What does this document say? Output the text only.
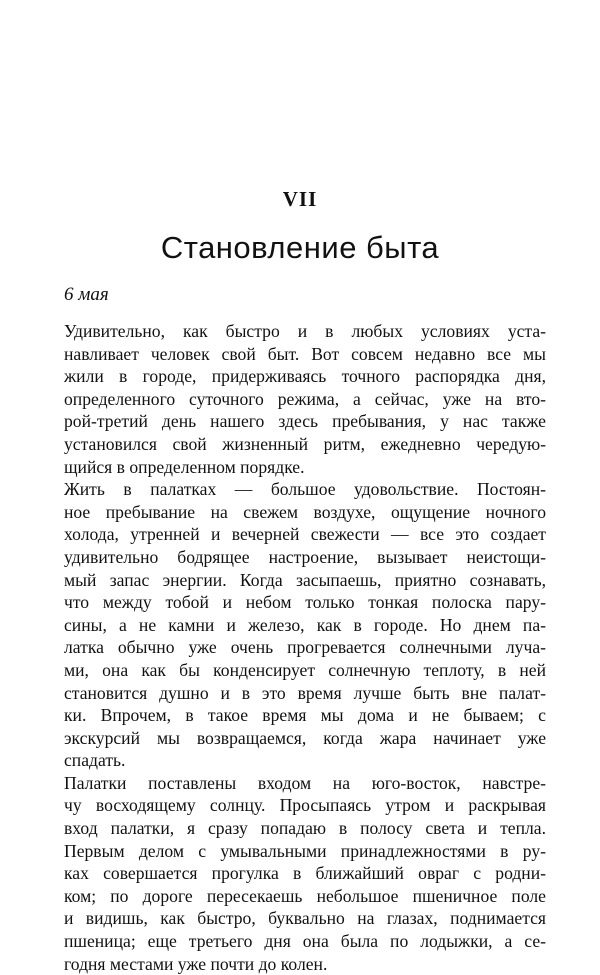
VII
Становление быта
6 мая
Удивительно, как быстро и в любых условиях уста-
навливает человек свой быт. Вот совсем недавно все мы
жили в городе, придерживаясь точного распорядка дня,
определенного суточного режима, а сейчас, уже на вто-
рой-третий день нашего здесь пребывания, у нас также
установился свой жизненный ритм, ежедневно чередую-
щийся в определенном порядке.
Жить в палатках — большое удовольствие. Постоян-
ное пребывание на свежем воздухе, ощущение ночного
холода, утренней и вечерней свежести — все это создает
удивительно бодрящее настроение, вызывает неистощи-
мый запас энергии. Когда засыпаешь, приятно сознавать,
что между тобой и небом только тонкая полоска пару-
сины, а не камни и железо, как в городе. Но днем па-
латка обычно уже очень прогревается солнечными луча-
ми, она как бы конденсирует солнечную теплоту, в ней
становится душно и в это время лучше быть вне палат-
ки. Впрочем, в такое время мы дома и не бываем; с
экскурсий мы возвращаемся, когда жара начинает уже
спадать.
Палатки поставлены входом на юго-восток, навстре-
чу восходящему солнцу. Просыпаясь утром и раскрывая
вход палатки, я сразу попадаю в полосу света и тепла.
Первым делом с умывальными принадлежностями в ру-
ках совершается прогулка в ближайший овраг с родни-
ком; по дороге пересекаешь небольшое пшеничное поле
и видишь, как быстро, буквально на глазах, поднимается
пшеница; еще третьего дня она была по лодыжки, а се-
годня местами уже почти до колен.
